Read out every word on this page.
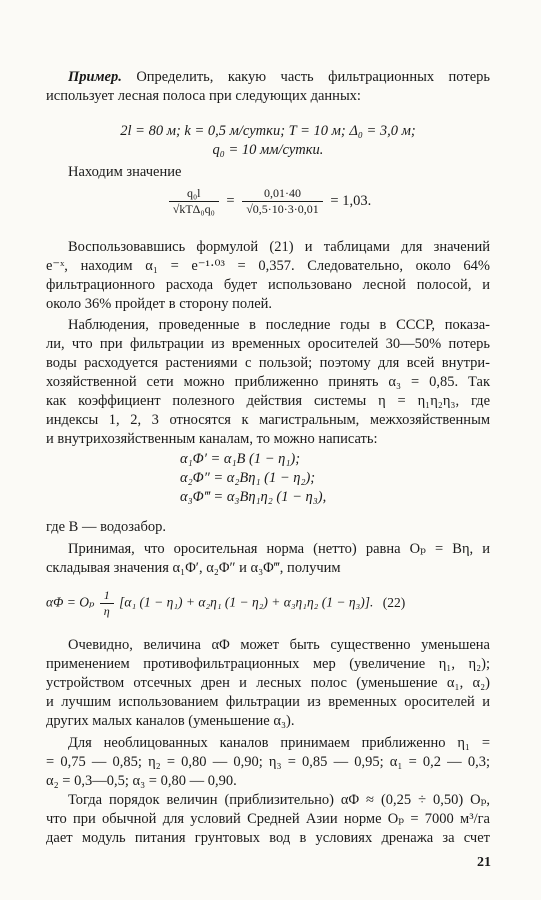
Пример. Определить, какую часть фильтрационных потерь
использует лесная полоса при следующих данных:
2l = 80 м; k = 0,5 м/сутки; T = 10 м; Δ₀ = 3,0 м;
q₀ = 10 мм/сутки.
Находим значение
$\frac{\text{q₀l}}{\text{√kTΔ₀q₀}} = \frac{0,01\cdot 40}{√0,5\cdot 10\cdot 3\cdot 0,01} = 1,03$.
Воспользовавшись формулой (21) и таблицами для значений
e⁻ˣ, находим α₁ = e⁻¹·⁰³ = 0,357. Следовательно, около 64%
фильтрационного расхода будет использовано лесной полосой, и
около 36% пройдет в сторону полей.
Наблюдения, проведенные в последние годы в СССР, показа-
ли, что при фильтрации из временных оросителей 30—50% потерь
воды расходуется растениями с пользой; поэтому для всей внутри-
хозяйственной сети можно приближенно принять α₃ = 0,85. Так
как коэффициент полезного действия системы η = η₁η₂η₃, где
индексы 1, 2, 3 относятся к магистральным, межхозяйственным
и внутрихозяйственным каналам, то можно написать:
α₁Φ′ = α₁B (1 − η₁);
α₂Φ″ = α₂Bη₁ (1 − η₂);
α₃Φ‴ = α₃Bη₁η₂ (1 − η₃),
где B — водозабор.
Принимая, что оросительная норма (нетто) равна Oₚ = Bη, и
складывая значения α₁Φ′, α₂Φ″ и α₃Φ‴, получим
αΦ = Oₚ $\frac{1}{\eta} [\alpha_1$ (1 − η₁) + α₂η₁ (1 − η₂) + α₃η₁η₂ (1 − η₃)]. (22)
Очевидно, величина αΦ может быть существенно уменьшена
применением противофильтрационных мер (увеличение η₁, η₂);
устройством отсечных дрен и лесных полос (уменьшение α₁, α₂)
и лучшим использованием фильтрации из временных оросителей и
других малых каналов (уменьшение α₃).
Для необлицованных каналов принимаем приближенно η₁ =
= 0,75 — 0,85; η₂ = 0,80 — 0,90; η₃ = 0,85 — 0,95; α₁ = 0,2 — 0,3;
α₂ = 0,3—0,5; α₃ = 0,80 — 0,90.
Тогда порядок величин (приблизительно) αΦ ≈ (0,25 ÷ 0,50) Oₚ,
что при обычной для условий Средней Азии норме Oₚ = 7000 м³/га
дает модуль питания грунтовых вод в условиях дренажа за счет
21
